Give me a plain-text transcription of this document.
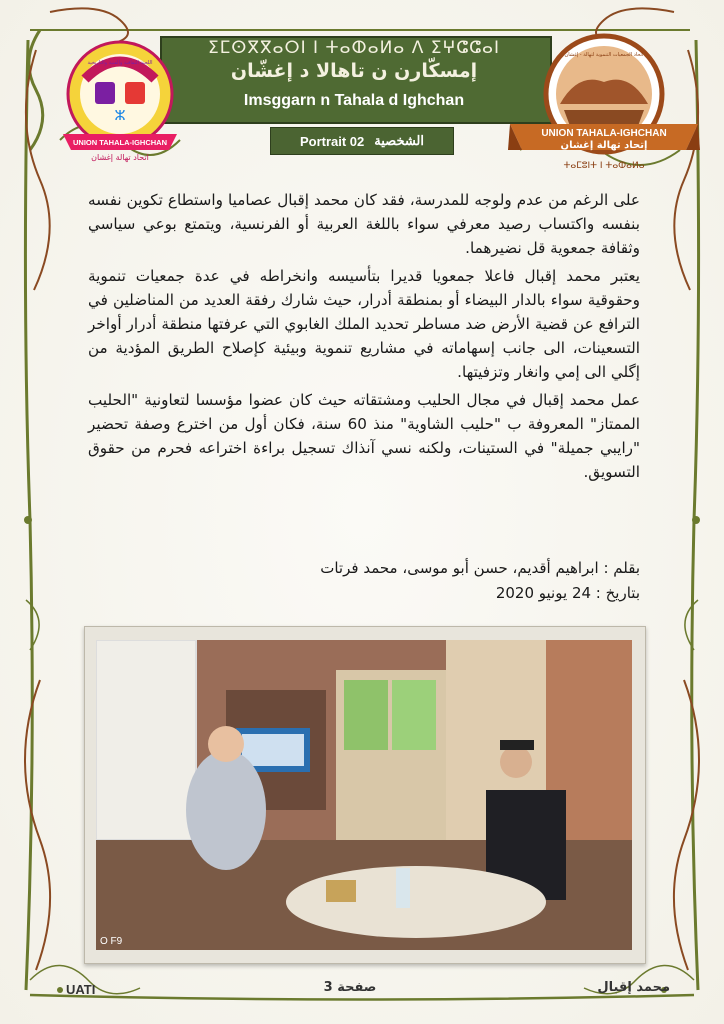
ⵉⵎⵙⴳⴳⴰⵔⵏ ⵏ ⵜⴰⵀⴰⵍⴰ ⴷ ⵉⵖⵛⵛⴰⵏ
إمسكّارن ن تاهالا د إغشّان
Imsggarn n Tahala d Ighchan
Portrait 02 الشخصية
ⵣ
UNION TAHALA-IGHCHAN
اتحاد تهالة إغشان
اللجنة الثقافية والفنية والتاريخية
UNION TAHALA-IGHCHAN
إتحاد تهالة إغشان
ⵜⴰⵎⵓⵏⵜ ⵏ ⵜⴰⵀⴰⵍⴰ
اتحاد الجمعيات التنموية لتهالة - إغشان

على الرغم من عدم ولوجه للمدرسة، فقد كان محمد إقبال عصاميا واستطاع تكوين نفسه بنفسه واكتساب رصيد معرفي سواء باللغة العربية أو الفرنسية، ويتمتع بوعي سياسي وثقافة جمعوية قل نضيرهما.

يعتبر محمد إقبال فاعلا جمعويا قديرا بتأسيسه وانخراطه في عدة جمعيات تنموية وحقوقية سواء بالدار البيضاء أو بمنطقة أدرار، حيث شارك رفقة العديد من المناضلين في الترافع عن قضية الأرض ضد مساطر تحديد الملك الغابوي التي عرفتها منطقة أدرار أواخر التسعينات، الى جانب إسهاماته في مشاريع تنموية وبيئية كإصلاح الطريق المؤدية من إگلي الى إمي وانغار وتزفيتها.

عمل محمد إقبال في مجال الحليب ومشتقاته حيث كان عضوا مؤسسا لتعاونية "الحليب الممتاز" المعروفة ب "حليب الشاوية" منذ 60 سنة، فكان أول من اخترع وصفة تحضير "رايبي جميلة" في الستينات، ولكنه نسي آنذاك تسجيل براءة اختراعه فحرم من حقوق التسويق.

بقلم : ابراهيم أقديم، حسن أبو موسى، محمد فرتات
بتاريخ : 24 يونيو 2020
O F9
UATI	صفحة 3	محمد إقبال
